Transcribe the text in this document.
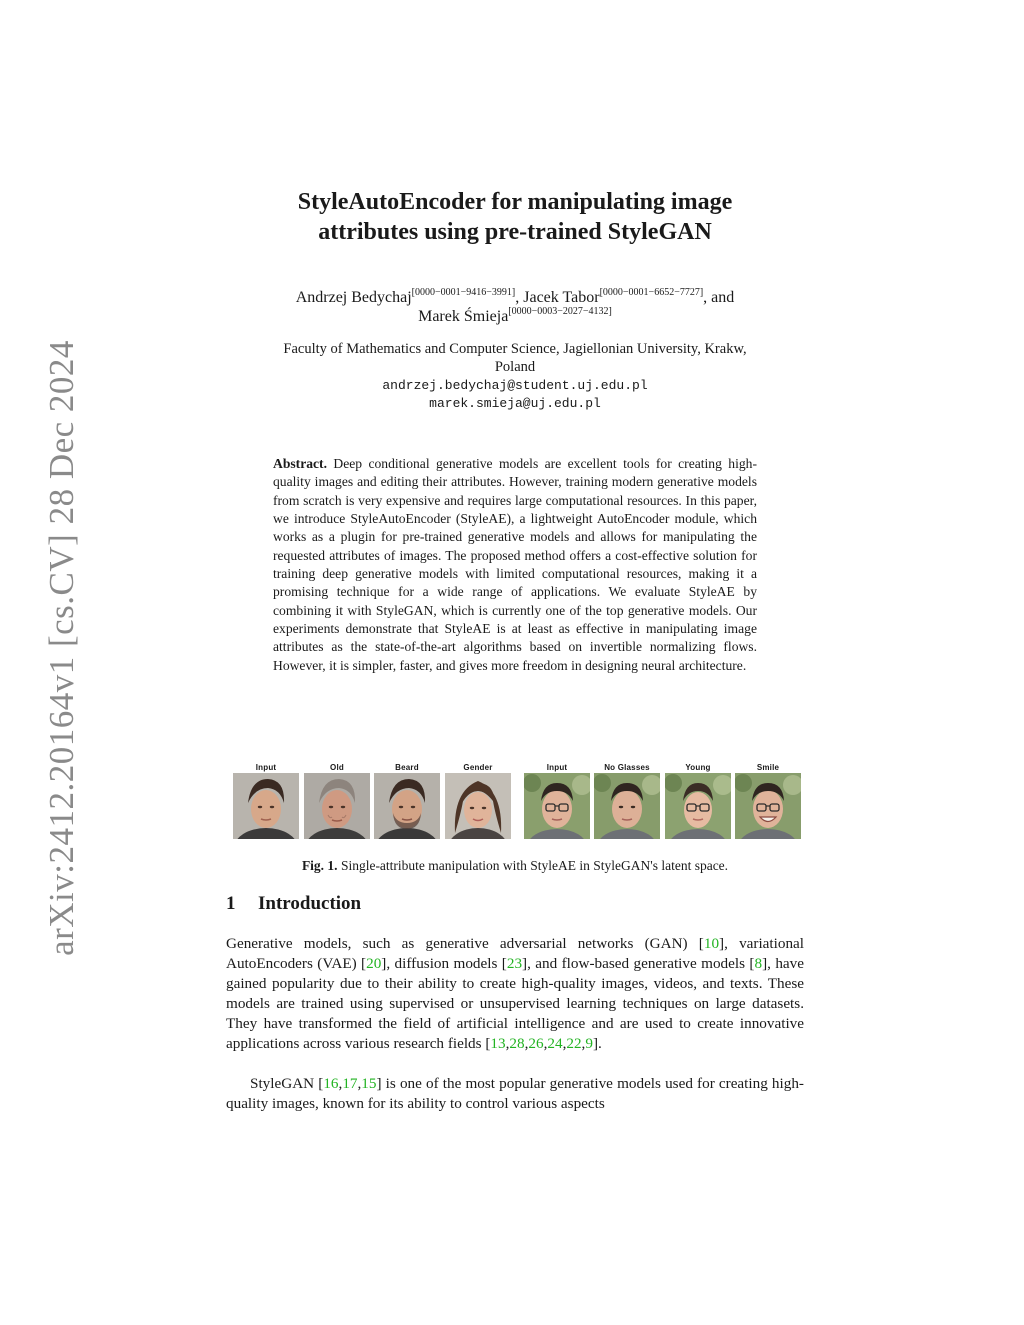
arXiv:2412.20164v1 [cs.CV] 28 Dec 2024
StyleAutoEncoder for manipulating image
attributes using pre-trained StyleGAN
Andrzej Bedychaj[0000−0001−9416−3991], Jacek Tabor[0000−0001−6652−7727], and
Marek Śmieja[0000−0003−2027−4132]
Faculty of Mathematics and Computer Science, Jagiellonian University, Krakw,
Poland
andrzej.bedychaj@student.uj.edu.pl
marek.smieja@uj.edu.pl
Abstract. Deep conditional generative models are excellent tools for creating high-quality images and editing their attributes. However, training modern generative models from scratch is very expensive and requires large computational resources. In this paper, we introduce StyleAutoEncoder (StyleAE), a lightweight AutoEncoder module, which works as a plugin for pre-trained generative models and allows for manipulating the requested attributes of images. The proposed method offers a cost-effective solution for training deep generative models with limited computational resources, making it a promising technique for a wide range of applications. We evaluate StyleAE by combining it with StyleGAN, which is currently one of the top generative models. Our experiments demonstrate that StyleAE is at least as effective in manipulating image attributes as the state-of-the-art algorithms based on invertible normalizing flows. However, it is simpler, faster, and gives more freedom in designing neural architecture.
Input	Old	Beard	Gender	Input	No Glasses	Young	Smile
Fig. 1. Single-attribute manipulation with StyleAE in StyleGAN's latent space.
1 Introduction
Generative models, such as generative adversarial networks (GAN) [10], variational AutoEncoders (VAE) [20], diffusion models [23], and flow-based generative models [8], have gained popularity due to their ability to create high-quality images, videos, and texts. These models are trained using supervised or unsupervised learning techniques on large datasets. They have transformed the field of artificial intelligence and are used to create innovative applications across various research fields [13,28,26,24,22,9].
StyleGAN [16,17,15] is one of the most popular generative models used for creating high-quality images, known for its ability to control various aspects
